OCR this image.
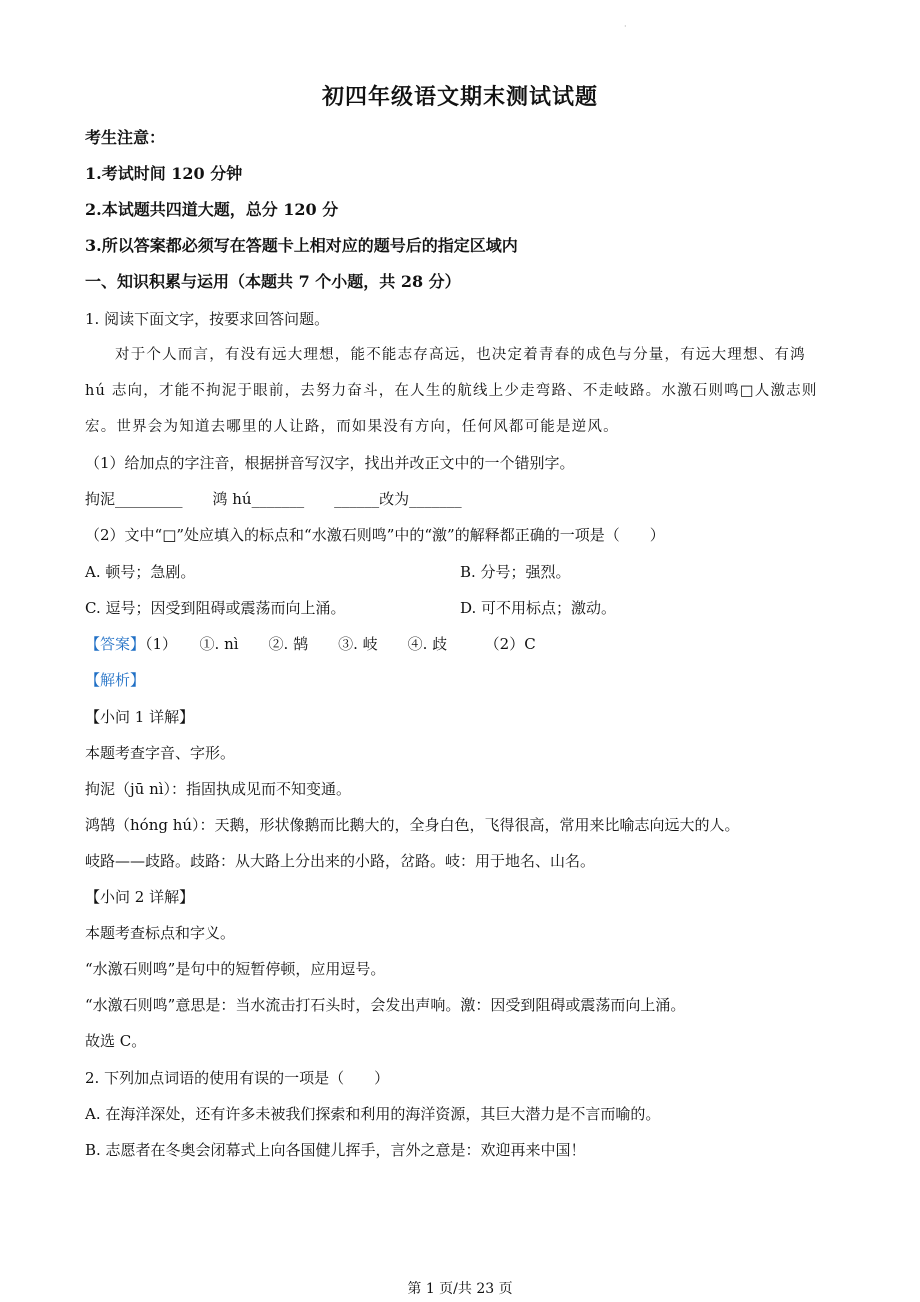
·
初四年级语文期末测试试题
考生注意：
1.考试时间 120 分钟
2.本试题共四道大题，总分 120 分
3.所以答案都必须写在答题卡上相对应的题号后的指定区域内
一、知识积累与运用（本题共 7 个小题，共 28 分）
1. 阅读下面文字，按要求回答问题。
对于个人而言，有没有远大理想，能不能志存高远，也决定着青春的成色与分量，有远大理想、有鸿
hú 志向，才能不拘泥于眼前，去努力奋斗，在人生的航线上少走弯路、不走岐路。水激石则鸣□人激志则
宏。世界会为知道去哪里的人让路，而如果没有方向，任何风都可能是逆风。
（1）给加点的字注音，根据拼音写汉字，找出并改正文中的一个错别字。
拘泥_________　　鸿 hú_______　　______改为_______
（2）文中“□”处应填入的标点和“水激石则鸣”中的“激”的解释都正确的一项是（　　）
A. 顿号；急剧。	B. 分号；强烈。
C. 逗号；因受到阻碍或震荡而向上涌。	D. 可不用标点；激动。
【答案】（1）　　①. nì　　②. 鹄　　③. 岐　　④. 歧　　　（2）C
【解析】
【小问 1 详解】
本题考查字音、字形。
拘泥（jū nì）：指固执成见而不知变通。
鸿鹄（hóng hú）：天鹅，形状像鹅而比鹅大的，全身白色，飞得很高，常用来比喻志向远大的人。
岐路——歧路。歧路：从大路上分出来的小路，岔路。岐：用于地名、山名。
【小问 2 详解】
本题考查标点和字义。
“水激石则鸣”是句中的短暂停顿，应用逗号。
“水激石则鸣”意思是：当水流击打石头时，会发出声响。激：因受到阻碍或震荡而向上涌。
故选 C。
2. 下列加点词语的使用有误的一项是（　　）
A. 在海洋深处，还有许多未被我们探索和利用的海洋资源，其巨大潜力是不言而喻的。
B. 志愿者在冬奥会闭幕式上向各国健儿挥手，言外之意是：欢迎再来中国！
第 1 页/共 23 页
